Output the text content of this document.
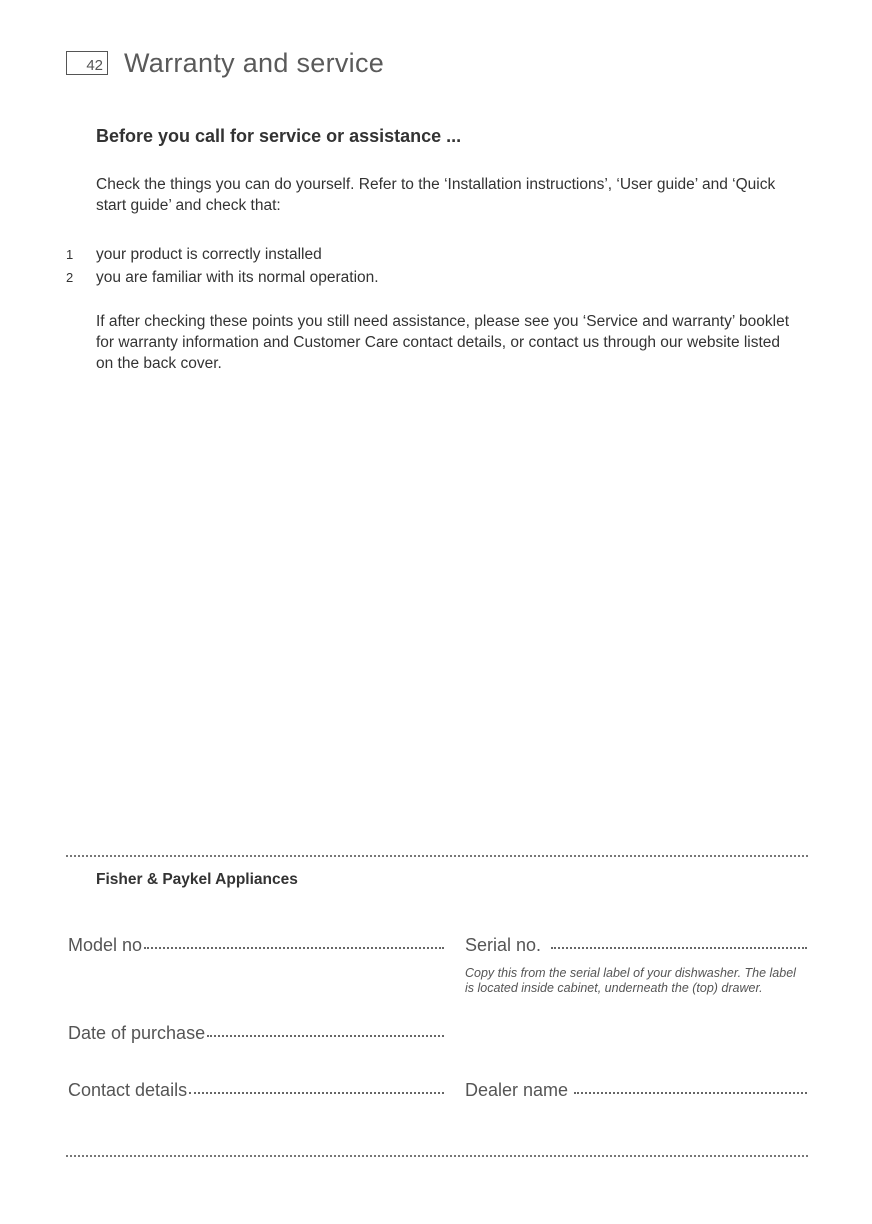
42 Warranty and service
Before you call for service or assistance ...

Check the things you can do yourself. Refer to the ‘Installation instructions’, ‘User guide’ and ‘Quick start guide’ and check that:

1	your product is correctly installed
2	you are familiar with its normal operation.

If after checking these points you still need assistance, please see you ‘Service and warranty’ booklet for warranty information and Customer Care contact details, or contact us through our website listed on the back cover.

Fisher & Paykel Appliances
Model no	Serial no.
Copy this from the serial label of your dishwasher. The label is located inside cabinet, underneath the (top) drawer.
Date of purchase
Contact details	Dealer name
